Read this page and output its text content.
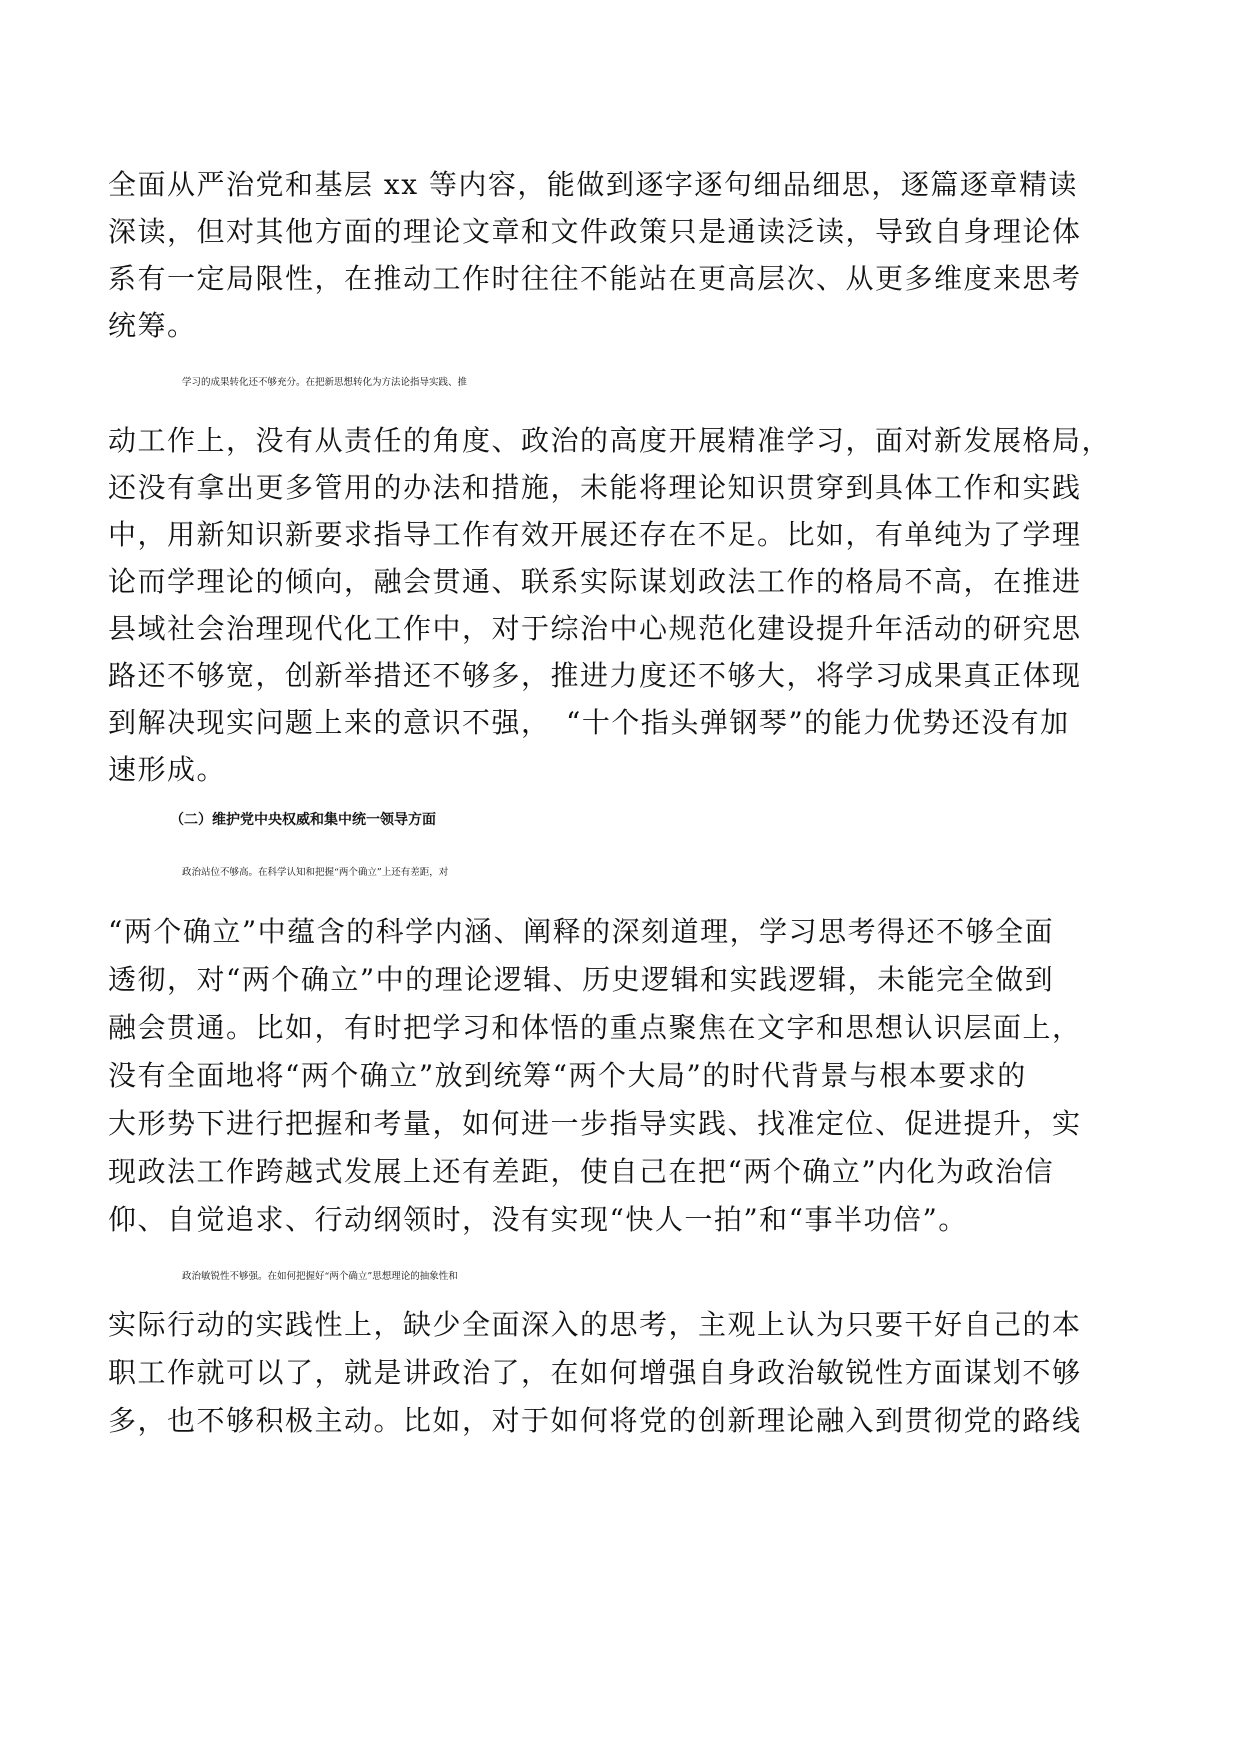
全面从严治党和基层 xx 等内容，能做到逐字逐句细品细思，逐篇逐章精读
深读，但对其他方面的理论文章和文件政策只是通读泛读，导致自身理论体
系有一定局限性，在推动工作时往往不能站在更高层次、从更多维度来思考
统筹。
学习的成果转化还不够充分。在把新思想转化为方法论指导实践、推
动工作上，没有从责任的角度、政治的高度开展精准学习，面对新发展格局，
还没有拿出更多管用的办法和措施，未能将理论知识贯穿到具体工作和实践
中，用新知识新要求指导工作有效开展还存在不足。比如，有单纯为了学理
论而学理论的倾向，融会贯通、联系实际谋划政法工作的格局不高，在推进
县域社会治理现代化工作中，对于综治中心规范化建设提升年活动的研究思
路还不够宽，创新举措还不够多，推进力度还不够大，将学习成果真正体现
到解决现实问题上来的意识不强，　“十个指头弹钢琴”的能力优势还没有加
速形成。
（二）维护党中央权威和集中统一领导方面
政治站位不够高。在科学认知和把握“两个确立”上还有差距，对
“两个确立”中蕴含的科学内涵、阐释的深刻道理，学习思考得还不够全面
透彻，对“两个确立”中的理论逻辑、历史逻辑和实践逻辑，未能完全做到
融会贯通。比如，有时把学习和体悟的重点聚焦在文字和思想认识层面上，
没有全面地将“两个确立”放到统筹“两个大局”的时代背景与根本要求的
大形势下进行把握和考量，如何进一步指导实践、找准定位、促进提升，实
现政法工作跨越式发展上还有差距，使自己在把“两个确立”内化为政治信
仰、自觉追求、行动纲领时，没有实现“快人一拍”和“事半功倍”。
政治敏锐性不够强。在如何把握好“两个确立”思想理论的抽象性和
实际行动的实践性上，缺少全面深入的思考，主观上认为只要干好自己的本
职工作就可以了，就是讲政治了，在如何增强自身政治敏锐性方面谋划不够
多，也不够积极主动。比如，对于如何将党的创新理论融入到贯彻党的路线
